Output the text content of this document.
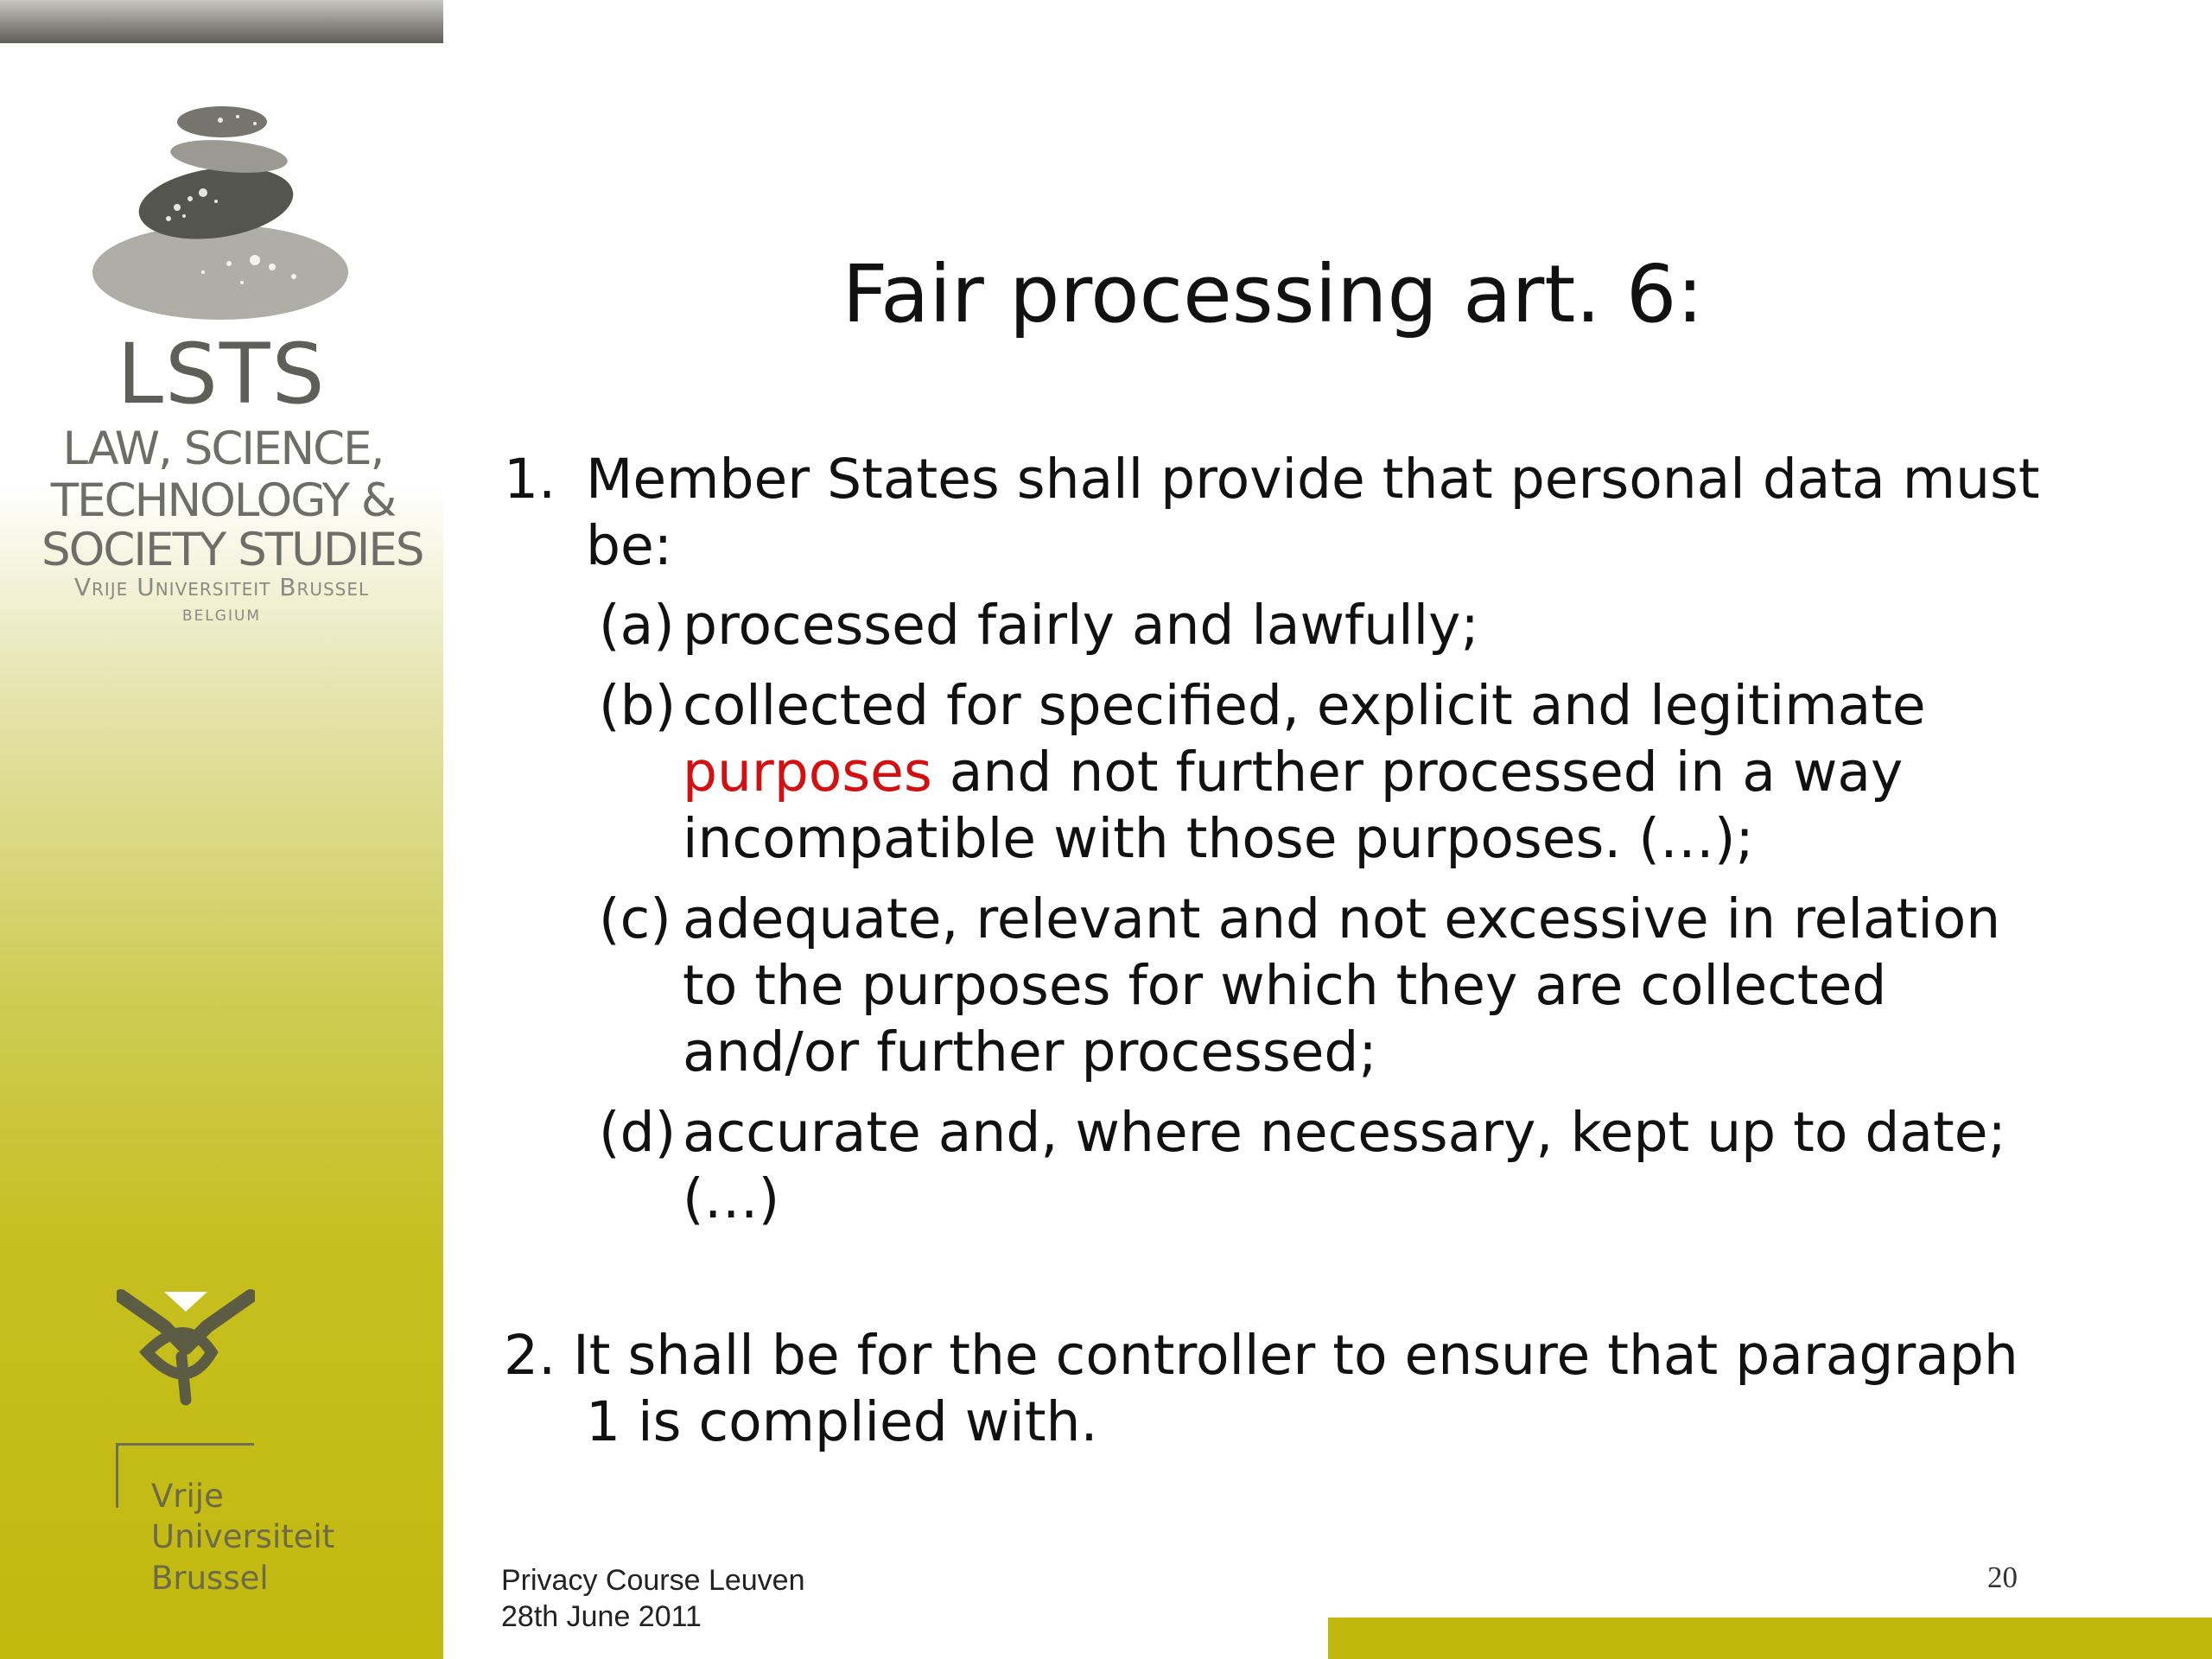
LSTS
LAW, SCIENCE,
TECHNOLOGY &
SOCIETY STUDIES
Vrije Universiteit Brussel
BELGIUM
Vrije
Universiteit
Brussel
Fair processing art. 6:
1. Member States shall provide that personal data must
be:
(a) processed fairly and lawfully;
(b) collected for specified, explicit and legitimate
purposes and not further processed in a way
incompatible with those purposes. (…);
(c) adequate, relevant and not excessive in relation
to the purposes for which they are collected
and/or further processed;
(d) accurate and, where necessary, kept up to date;
(…)
2. It shall be for the controller to ensure that paragraph
1 is complied with.
Privacy Course Leuven
28th June 2011
20
